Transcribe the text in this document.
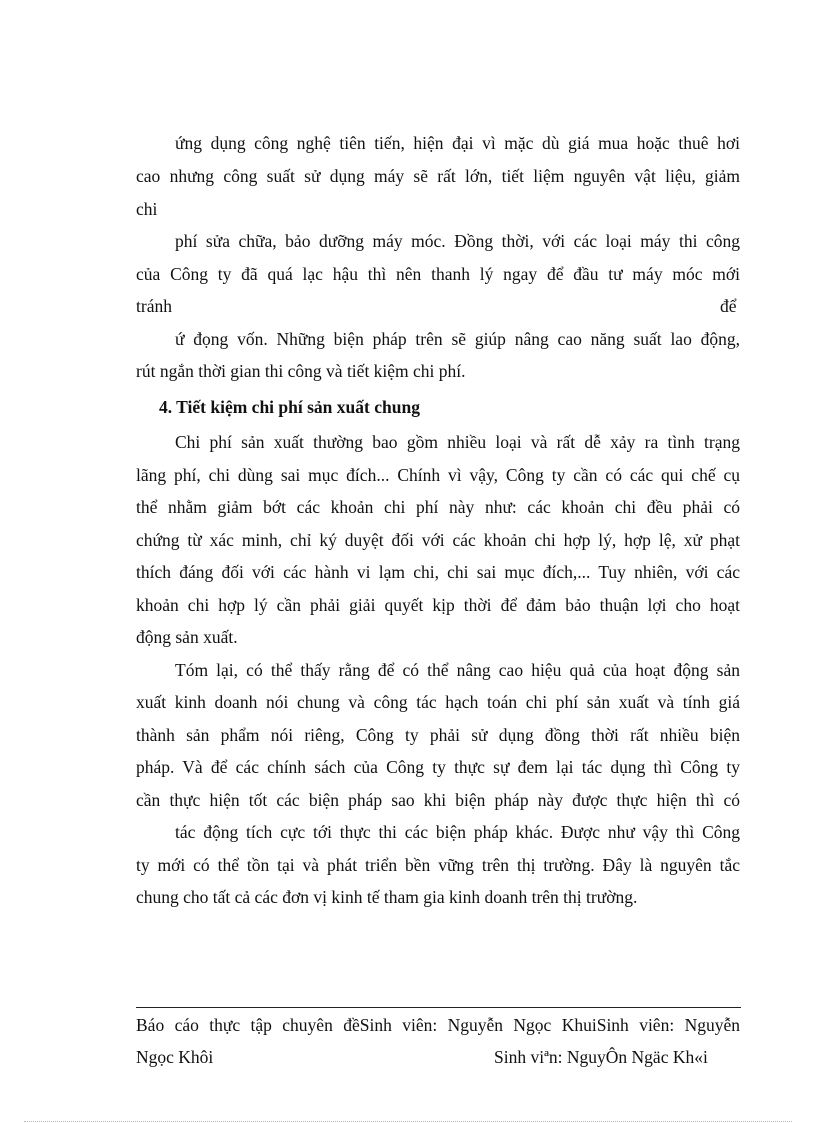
ứng dụng công nghệ tiên tiến, hiện đại vì mặc dù giá mua hoặc thuê hơi
cao nhưng công suất sử dụng máy sẽ rất lớn, tiết liệm nguyên vật liệu, giảm
chi
phí sửa chữa, bảo dưỡng máy móc. Đồng thời, với các loại máy thi công
của Công ty đã quá lạc hậu thì nên thanh lý ngay để đầu tư máy móc mới
tránh	để
ứ đọng vốn. Những biện pháp trên sẽ giúp nâng cao năng suất lao động,
rút ngắn thời gian thi công và tiết kiệm chi phí.
4. Tiết kiệm chi phí sản xuất chung
Chi phí sản xuất thường bao gồm nhiều loại và rất dễ xảy ra tình trạng
lãng phí, chi dùng sai mục đích... Chính vì vậy, Công ty cần có các qui chế cụ
thể nhằm giảm bớt các khoản chi phí này như: các khoản chi đều phải có
chứng từ xác minh, chỉ ký duyệt đối với các khoản chi hợp lý, hợp lệ, xử phạt
thích đáng đối với các hành vi lạm chi, chi sai mục đích,... Tuy nhiên, với các
khoản chi hợp lý cần phải giải quyết kịp thời để đảm bảo thuận lợi cho hoạt
động sản xuất.
Tóm lại, có thể thấy rằng để có thể nâng cao hiệu quả của hoạt động sản
xuất kinh doanh nói chung và công tác hạch toán chi phí sản xuất và tính giá
thành sản phẩm nói riêng, Công ty phải sử dụng đồng thời rất nhiều biện
pháp. Và để các chính sách của Công ty thực sự đem lại tác dụng thì Công ty
cần thực hiện tốt các biện pháp sao khi biện pháp này được thực hiện thì có
tác động tích cực tới thực thi các biện pháp khác. Được như vậy thì Công
ty mới có thể tồn tại và phát triển bền vững trên thị trường. Đây là nguyên tắc
chung cho tất cả các đơn vị kinh tế tham gia kinh doanh trên thị trường.
Báo cáo thực tập chuyên đềSinh viên: Nguyễn Ngọc KhuiSinh viên: Nguyễn
Ngọc Khôi	Sinh viªn: NguyÔn Ngäc Kh«i
